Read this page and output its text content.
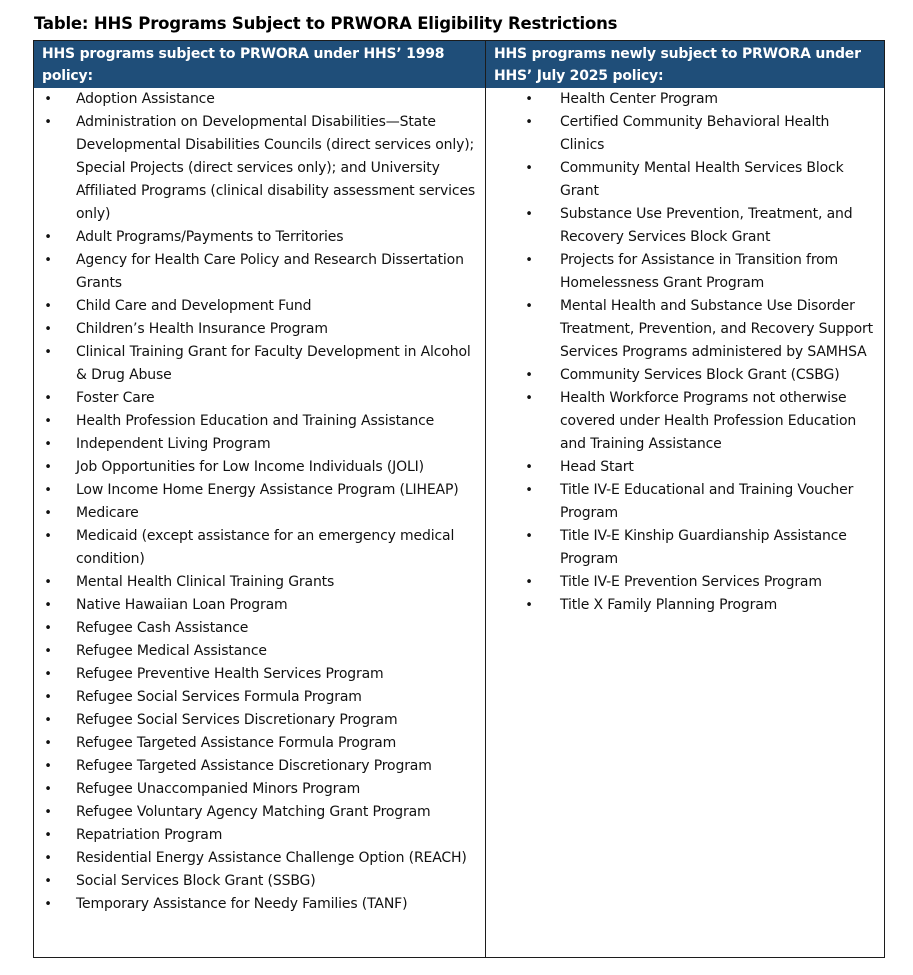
Table: HHS Programs Subject to PRWORA Eligibility Restrictions
HHS programs subject to PRWORA under HHS’ 1998 policy:
HHS programs newly subject to PRWORA under HHS’ July 2025 policy:
• Adoption Assistance
• Administration on Developmental Disabilities—State Developmental Disabilities Councils (direct services only); Special Projects (direct services only); and University Affiliated Programs (clinical disability assessment services only)
• Adult Programs/Payments to Territories
• Agency for Health Care Policy and Research Dissertation Grants
• Child Care and Development Fund
• Children’s Health Insurance Program
• Clinical Training Grant for Faculty Development in Alcohol & Drug Abuse
• Foster Care
• Health Profession Education and Training Assistance
• Independent Living Program
• Job Opportunities for Low Income Individuals (JOLI)
• Low Income Home Energy Assistance Program (LIHEAP)
• Medicare
• Medicaid (except assistance for an emergency medical condition)
• Mental Health Clinical Training Grants
• Native Hawaiian Loan Program
• Refugee Cash Assistance
• Refugee Medical Assistance
• Refugee Preventive Health Services Program
• Refugee Social Services Formula Program
• Refugee Social Services Discretionary Program
• Refugee Targeted Assistance Formula Program
• Refugee Targeted Assistance Discretionary Program
• Refugee Unaccompanied Minors Program
• Refugee Voluntary Agency Matching Grant Program
• Repatriation Program
• Residential Energy Assistance Challenge Option (REACH)
• Social Services Block Grant (SSBG)
• Temporary Assistance for Needy Families (TANF)
• Health Center Program
• Certified Community Behavioral Health Clinics
• Community Mental Health Services Block Grant
• Substance Use Prevention, Treatment, and Recovery Services Block Grant
• Projects for Assistance in Transition from Homelessness Grant Program
• Mental Health and Substance Use Disorder Treatment, Prevention, and Recovery Support Services Programs administered by SAMHSA
• Community Services Block Grant (CSBG)
• Health Workforce Programs not otherwise covered under Health Profession Education and Training Assistance
• Head Start
• Title IV-E Educational and Training Voucher Program
• Title IV-E Kinship Guardianship Assistance Program
• Title IV-E Prevention Services Program
• Title X Family Planning Program
